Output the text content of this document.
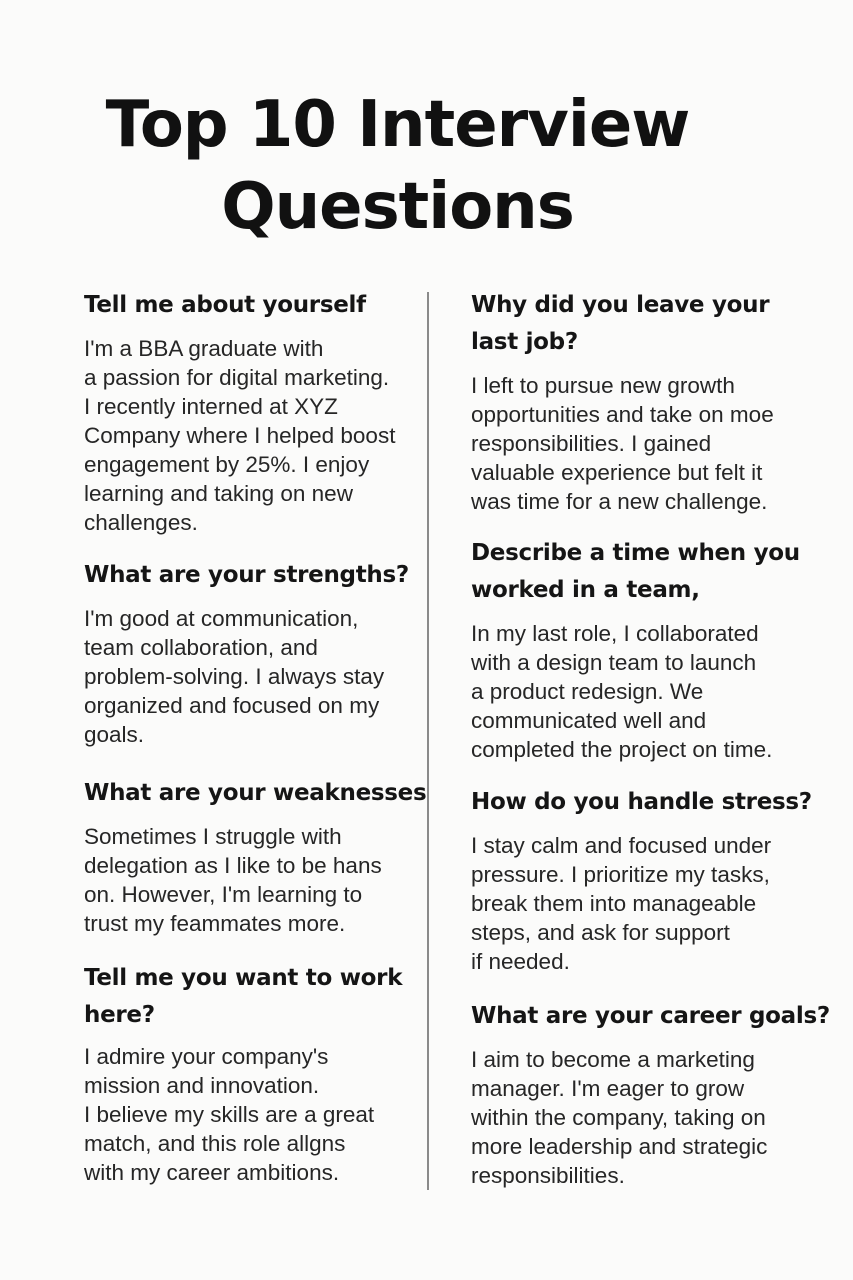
Top 10 Interview Questions
Tell me about yourself

I'm a BBA graduate with
a passion for digital marketing.
I recently interned at XYZ
Company where I helped boost
engagement by 25%. I enjoy
learning and taking on new
challenges.

What are your strengths?

I'm good at communication,
team collaboration, and
problem-solving. I always stay
organized and focused on my
goals.

What are your weaknesses

Sometimes I struggle with
delegation as I like to be hans
on. However, I'm learning to
trust my feammates more.

Tell me you want to work here?

I admire your company's
mission and innovation.
I believe my skills are a great
match, and this role allgns
with my career ambitions.

Why did you leave your last job?

I left to pursue new growth
opportunities and take on moe
responsibilities. I gained
valuable experience but felt it
was time for a new challenge.

Describe a time when you worked in a team,

In my last role, I collaborated
with a design team to launch
a product redesign. We
communicated well and
completed the project on time.

How do you handle stress?

I stay calm and focused under
pressure. I prioritize my tasks,
break them into manageable
steps, and ask for support
if needed.

What are your career goals?

I aim to become a marketing
manager. I'm eager to grow
within the company, taking on
more leadership and strategic
responsibilities.
